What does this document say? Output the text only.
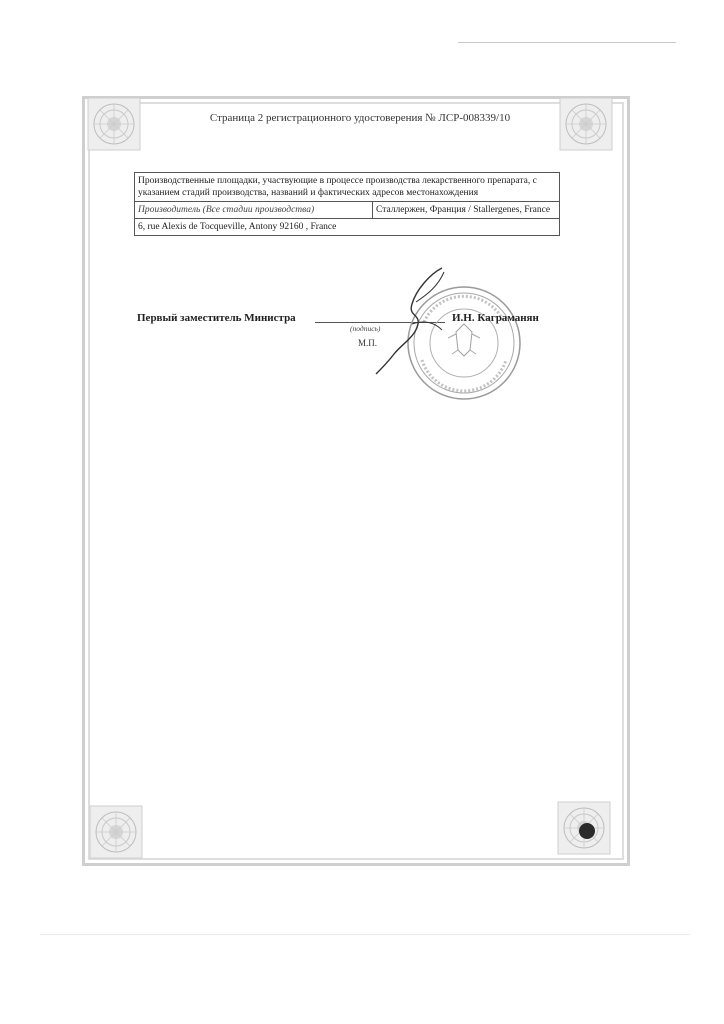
Страница 2 регистрационного удостоверения № ЛСР-008339/10
Производственные площадки, участвующие в процессе производства лекарственного препарата, с указанием стадий производства, названий и фактических адресов местонахождения
Производитель (Все стадии производства)	Сталлержен, Франция / Stallergenes, France
6, rue Alexis de Tocqueville, Antony 92160 , France
Первый заместитель Министра
(подпись)
М.П.
И.Н. Каграманян
